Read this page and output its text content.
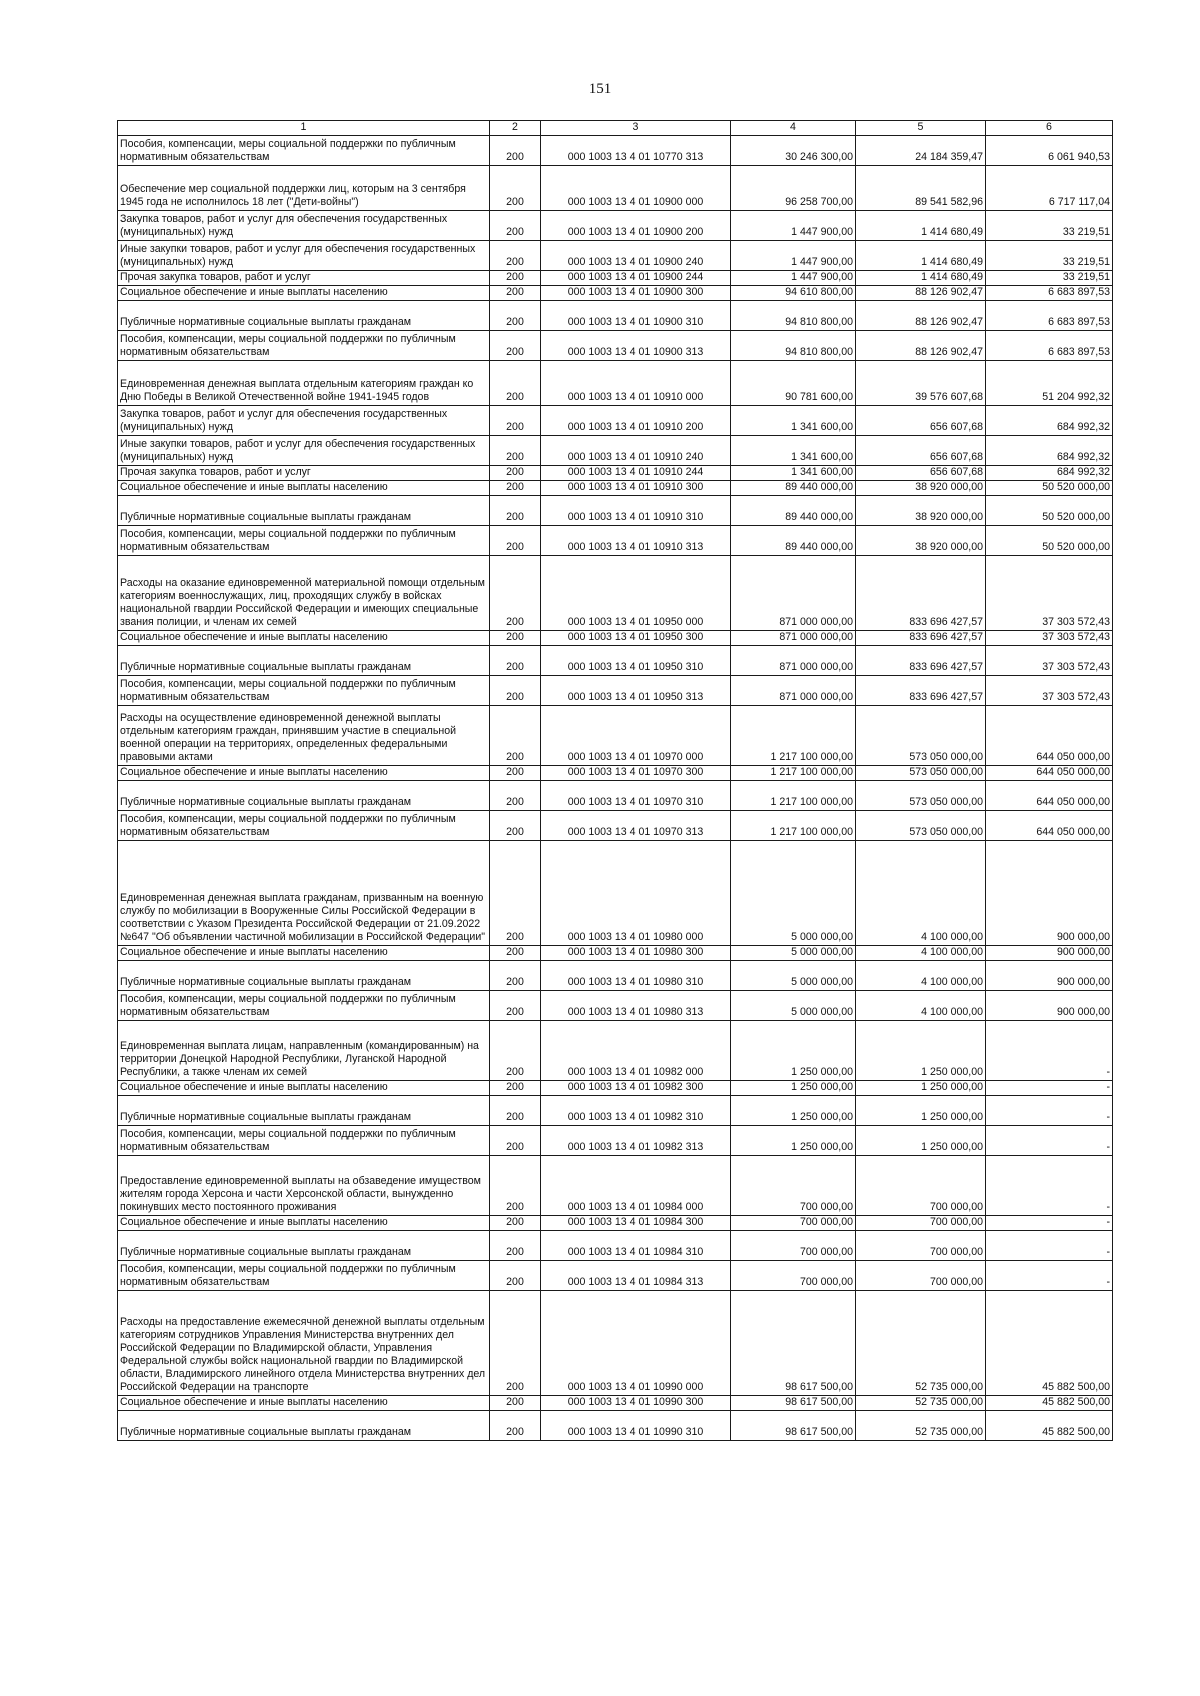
151
1	2	3	4	5	6
Пособия, компенсации, меры социальной поддержки по публичным нормативным обязательствам	200	000 1003 13 4 01 10770 313	30 246 300,00	24 184 359,47	6 061 940,53
Обеспечение мер социальной поддержки лиц, которым на 3 сентября 1945 года не исполнилось 18 лет ("Дети-войны")	200	000 1003 13 4 01 10900 000	96 258 700,00	89 541 582,96	6 717 117,04
Закупка товаров, работ и услуг для обеспечения государственных (муниципальных) нужд	200	000 1003 13 4 01 10900 200	1 447 900,00	1 414 680,49	33 219,51
Иные закупки товаров, работ и услуг для обеспечения государственных (муниципальных) нужд	200	000 1003 13 4 01 10900 240	1 447 900,00	1 414 680,49	33 219,51
Прочая закупка товаров, работ и услуг	200	000 1003 13 4 01 10900 244	1 447 900,00	1 414 680,49	33 219,51
Социальное обеспечение и иные выплаты населению	200	000 1003 13 4 01 10900 300	94 610 800,00	88 126 902,47	6 683 897,53
Публичные нормативные социальные выплаты гражданам	200	000 1003 13 4 01 10900 310	94 810 800,00	88 126 902,47	6 683 897,53
Пособия, компенсации, меры социальной поддержки по публичным нормативным обязательствам	200	000 1003 13 4 01 10900 313	94 810 800,00	88 126 902,47	6 683 897,53
Единовременная денежная выплата отдельным категориям граждан ко Дню Победы в Великой Отечественной войне 1941-1945 годов	200	000 1003 13 4 01 10910 000	90 781 600,00	39 576 607,68	51 204 992,32
Закупка товаров, работ и услуг для обеспечения государственных (муниципальных) нужд	200	000 1003 13 4 01 10910 200	1 341 600,00	656 607,68	684 992,32
Иные закупки товаров, работ и услуг для обеспечения государственных (муниципальных) нужд	200	000 1003 13 4 01 10910 240	1 341 600,00	656 607,68	684 992,32
Прочая закупка товаров, работ и услуг	200	000 1003 13 4 01 10910 244	1 341 600,00	656 607,68	684 992,32
Социальное обеспечение и иные выплаты населению	200	000 1003 13 4 01 10910 300	89 440 000,00	38 920 000,00	50 520 000,00
Публичные нормативные социальные выплаты гражданам	200	000 1003 13 4 01 10910 310	89 440 000,00	38 920 000,00	50 520 000,00
Пособия, компенсации, меры социальной поддержки по публичным нормативным обязательствам	200	000 1003 13 4 01 10910 313	89 440 000,00	38 920 000,00	50 520 000,00
Расходы на оказание единовременной материальной помощи отдельным категориям военнослужащих, лиц, проходящих службу в войсках национальной гвардии Российской Федерации и имеющих специальные звания полиции, и членам их семей	200	000 1003 13 4 01 10950 000	871 000 000,00	833 696 427,57	37 303 572,43
Социальное обеспечение и иные выплаты населению	200	000 1003 13 4 01 10950 300	871 000 000,00	833 696 427,57	37 303 572,43
Публичные нормативные социальные выплаты гражданам	200	000 1003 13 4 01 10950 310	871 000 000,00	833 696 427,57	37 303 572,43
Пособия, компенсации, меры социальной поддержки по публичным нормативным обязательствам	200	000 1003 13 4 01 10950 313	871 000 000,00	833 696 427,57	37 303 572,43
Расходы на осуществление единовременной денежной выплаты отдельным категориям граждан, принявшим участие в специальной военной операции на территориях, определенных федеральными правовыми актами	200	000 1003 13 4 01 10970 000	1 217 100 000,00	573 050 000,00	644 050 000,00
Социальное обеспечение и иные выплаты населению	200	000 1003 13 4 01 10970 300	1 217 100 000,00	573 050 000,00	644 050 000,00
Публичные нормативные социальные выплаты гражданам	200	000 1003 13 4 01 10970 310	1 217 100 000,00	573 050 000,00	644 050 000,00
Пособия, компенсации, меры социальной поддержки по публичным нормативным обязательствам	200	000 1003 13 4 01 10970 313	1 217 100 000,00	573 050 000,00	644 050 000,00
Единовременная денежная выплата гражданам, призванным на военную службу по мобилизации в Вооруженные Силы Российской Федерации в соответствии с Указом Президента Российской Федерации от 21.09.2022 №647 "Об объявлении частичной мобилизации в Российской Федерации"	200	000 1003 13 4 01 10980 000	5 000 000,00	4 100 000,00	900 000,00
Социальное обеспечение и иные выплаты населению	200	000 1003 13 4 01 10980 300	5 000 000,00	4 100 000,00	900 000,00
Публичные нормативные социальные выплаты гражданам	200	000 1003 13 4 01 10980 310	5 000 000,00	4 100 000,00	900 000,00
Пособия, компенсации, меры социальной поддержки по публичным нормативным обязательствам	200	000 1003 13 4 01 10980 313	5 000 000,00	4 100 000,00	900 000,00
Единовременная выплата лицам, направленным (командированным) на территории Донецкой Народной Республики, Луганской Народной Республики, а также членам их семей	200	000 1003 13 4 01 10982 000	1 250 000,00	1 250 000,00	-
Социальное обеспечение и иные выплаты населению	200	000 1003 13 4 01 10982 300	1 250 000,00	1 250 000,00	-
Публичные нормативные социальные выплаты гражданам	200	000 1003 13 4 01 10982 310	1 250 000,00	1 250 000,00	-
Пособия, компенсации, меры социальной поддержки по публичным нормативным обязательствам	200	000 1003 13 4 01 10982 313	1 250 000,00	1 250 000,00	-
Предоставление единовременной выплаты на обзаведение имуществом жителям города Херсона и части Херсонской области, вынужденно покинувших место постоянного проживания	200	000 1003 13 4 01 10984 000	700 000,00	700 000,00	-
Социальное обеспечение и иные выплаты населению	200	000 1003 13 4 01 10984 300	700 000,00	700 000,00	-
Публичные нормативные социальные выплаты гражданам	200	000 1003 13 4 01 10984 310	700 000,00	700 000,00	-
Пособия, компенсации, меры социальной поддержки по публичным нормативным обязательствам	200	000 1003 13 4 01 10984 313	700 000,00	700 000,00	-
Расходы на предоставление ежемесячной денежной выплаты отдельным категориям сотрудников Управления Министерства внутренних дел Российской Федерации по Владимирской области, Управления Федеральной службы войск национальной гвардии по Владимирской области, Владимирского линейного отдела Министерства внутренних дел Российской Федерации на транспорте	200	000 1003 13 4 01 10990 000	98 617 500,00	52 735 000,00	45 882 500,00
Социальное обеспечение и иные выплаты населению	200	000 1003 13 4 01 10990 300	98 617 500,00	52 735 000,00	45 882 500,00
Публичные нормативные социальные выплаты гражданам	200	000 1003 13 4 01 10990 310	98 617 500,00	52 735 000,00	45 882 500,00
